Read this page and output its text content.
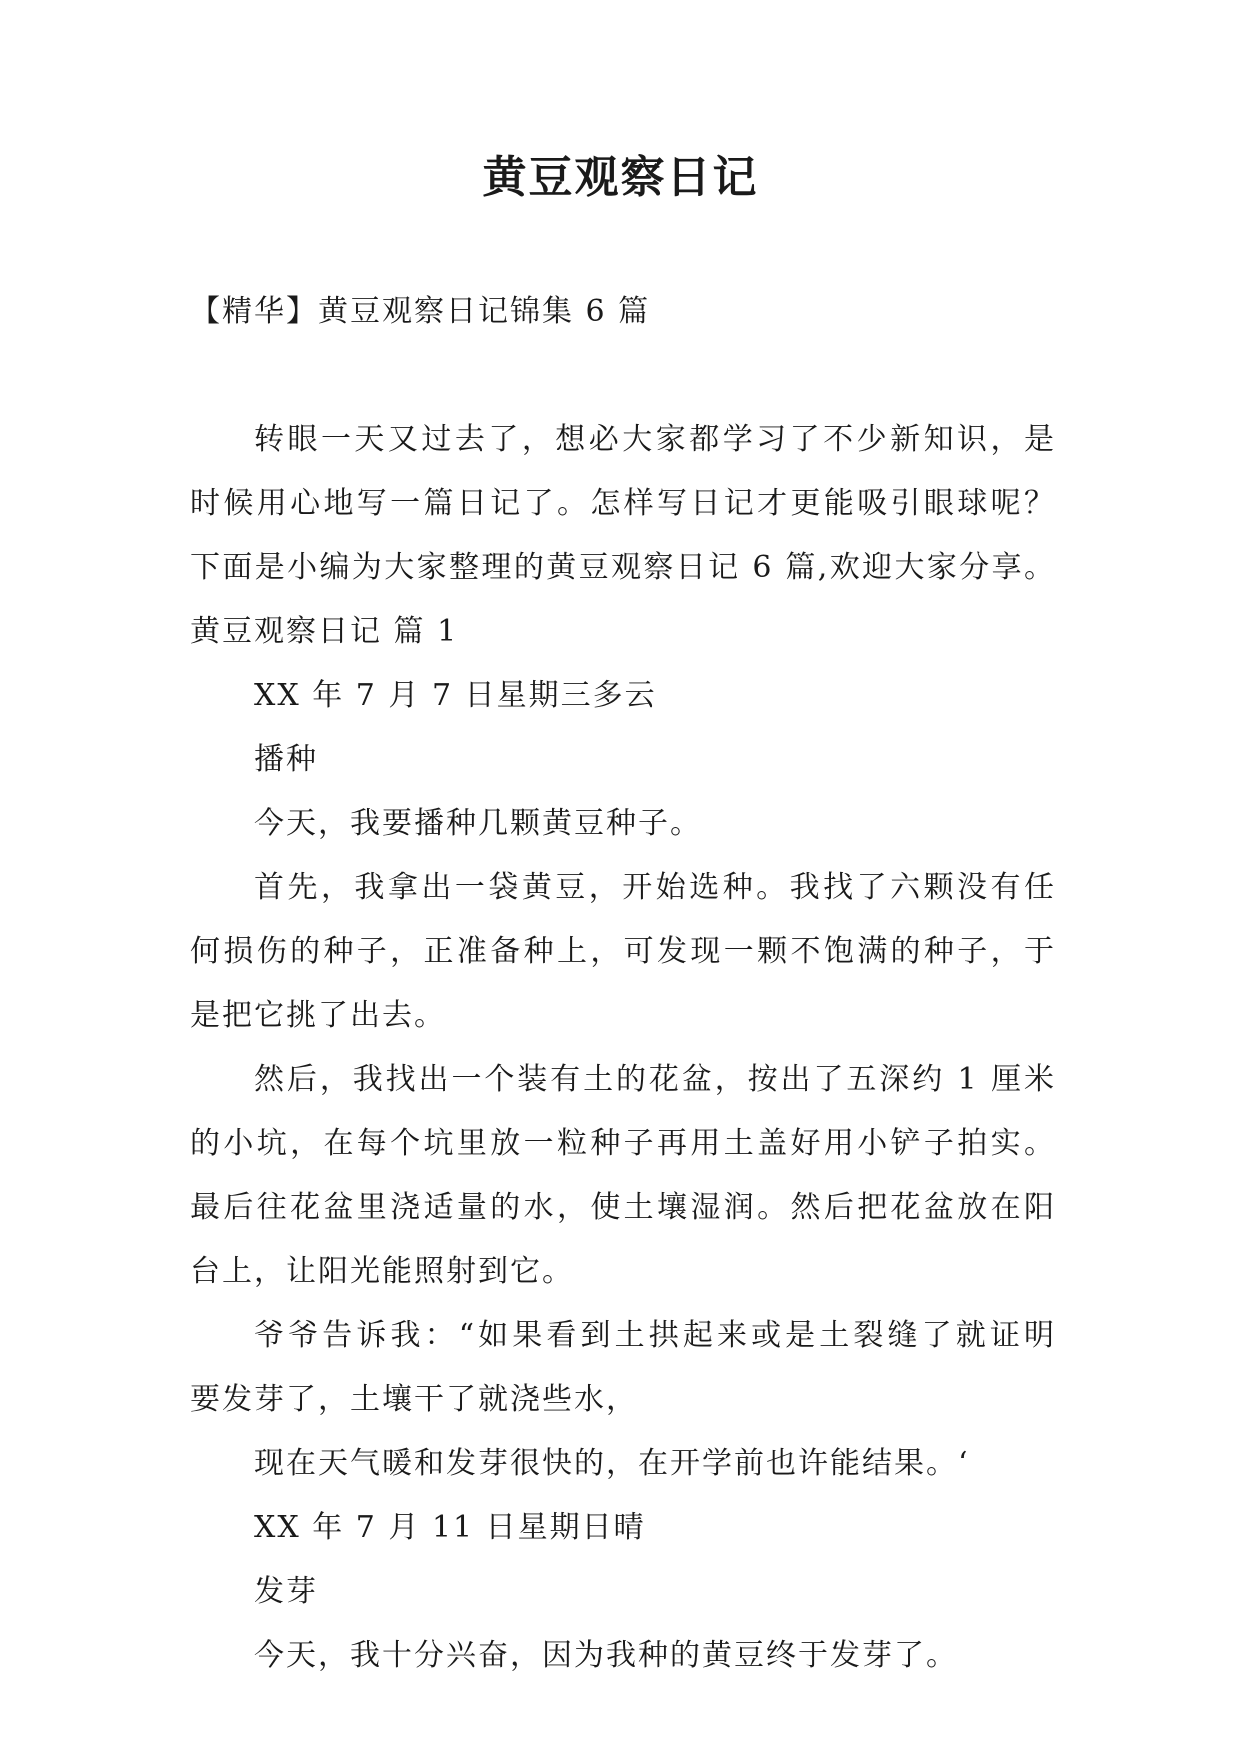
黄豆观察日记
【精华】黄豆观察日记锦集 6 篇
转眼一天又过去了，想必大家都学习了不少新知识，是
时候用心地写一篇日记了。怎样写日记才更能吸引眼球呢？
下面是小编为大家整理的黄豆观察日记 6 篇,欢迎大家分享。
黄豆观察日记 篇 1
XX 年 7 月 7 日星期三多云
播种
今天，我要播种几颗黄豆种子。
首先，我拿出一袋黄豆，开始选种。我找了六颗没有任
何损伤的种子，正准备种上，可发现一颗不饱满的种子，于
是把它挑了出去。
然后，我找出一个装有土的花盆，按出了五深约 1 厘米
的小坑，在每个坑里放一粒种子再用土盖好用小铲子拍实。
最后往花盆里浇适量的水，使土壤湿润。然后把花盆放在阳
台上，让阳光能照射到它。
爷爷告诉我：“如果看到土拱起来或是土裂缝了就证明
要发芽了，土壤干了就浇些水，
现在天气暖和发芽很快的，在开学前也许能结果。‘
XX 年 7 月 11 日星期日晴
发芽
今天，我十分兴奋，因为我种的黄豆终于发芽了。
